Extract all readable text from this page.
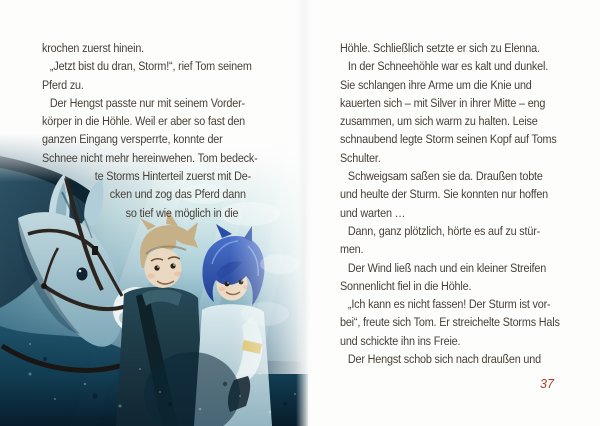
krochen zuerst hinein.
„Jetzt bist du dran, Storm!“, rief Tom seinem
Pferd zu.
Der Hengst passte nur mit seinem Vorder-
körper in die Höhle. Weil er aber so fast den
ganzen Eingang versperrte, konnte der
Schnee nicht mehr hereinwehen. Tom bedeck-
te Storms Hinterteil zuerst mit De-
cken und zog das Pferd dann
so tief wie möglich in die
Höhle. Schließlich setzte er sich zu Elenna.
In der Schneehöhle war es kalt und dunkel.
Sie schlangen ihre Arme um die Knie und
kauerten sich – mit Silver in ihrer Mitte – eng
zusammen, um sich warm zu halten. Leise
schnaubend legte Storm seinen Kopf auf Toms
Schulter.
Schweigsam saßen sie da. Draußen tobte
und heulte der Sturm. Sie konnten nur hoffen
und warten …
Dann, ganz plötzlich, hörte es auf zu stür-
men.
Der Wind ließ nach und ein kleiner Streifen
Sonnenlicht fiel in die Höhle.
„Ich kann es nicht fassen! Der Sturm ist vor-
bei“, freute sich Tom. Er streichelte Storms Hals
und schickte ihn ins Freie.
Der Hengst schob sich nach draußen und
37
